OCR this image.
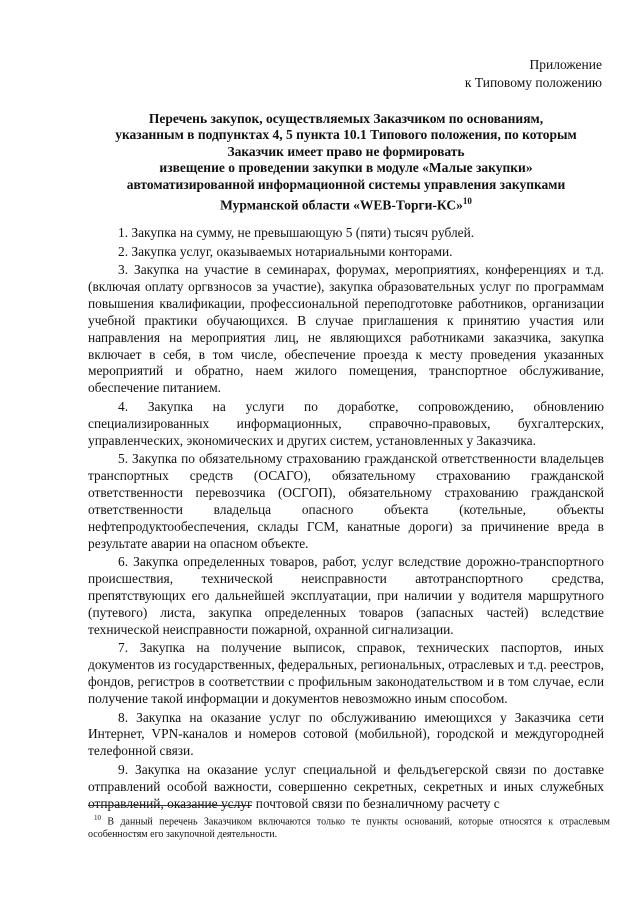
Приложение
к Типовому положению
Перечень закупок, осуществляемых Заказчиком по основаниям,
указанным в подпунктах 4, 5 пункта 10.1 Типового положения, по которым
Заказчик имеет право не формировать
извещение о проведении закупки в модуле «Малые закупки»
автоматизированной информационной системы управления закупками
Мурманской области «WEB-Торги-КС»$^{10}$

1. Закупка на сумму, не превышающую 5 (пяти) тысяч рублей.

2. Закупка услуг, оказываемых нотариальными конторами.

3. Закупка на участие в семинарах, форумах, мероприятиях, конференциях и т.д. (включая оплату оргвзносов за участие), закупка образовательных услуг по программам повышения квалификации, профессиональной переподготовке работников, организации учебной практики обучающихся. В случае приглашения к принятию участия или направления на мероприятия лиц, не являющихся работниками заказчика, закупка включает в себя, в том числе, обеспечение проезда к месту проведения указанных мероприятий и обратно, наем жилого помещения, транспортное обслуживание, обеспечение питанием.

4. Закупка на услуги по доработке, сопровождению, обновлению специализированных информационных, справочно-правовых, бухгалтерских, управленческих, экономических и других систем, установленных у Заказчика.

5. Закупка по обязательному страхованию гражданской ответственности владельцев транспортных средств (ОСАГО), обязательному страхованию гражданской ответственности перевозчика (ОСГОП), обязательному страхованию гражданской ответственности владельца опасного объекта (котельные, объекты нефтепродуктообеспечения, склады ГСМ, канатные дороги) за причинение вреда в результате аварии на опасном объекте.

6. Закупка определенных товаров, работ, услуг вследствие дорожно-транспортного происшествия, технической неисправности автотранспортного средства, препятствующих его дальнейшей эксплуатации, при наличии у водителя маршрутного (путевого) листа, закупка определенных товаров (запасных частей) вследствие технической неисправности пожарной, охранной сигнализации.

7. Закупка на получение выписок, справок, технических паспортов, иных документов из государственных, федеральных, региональных, отраслевых и т.д. реестров, фондов, регистров в соответствии с профильным законодательством и в том случае, если получение такой информации и документов невозможно иным способом.

8. Закупка на оказание услуг по обслуживанию имеющихся у Заказчика сети Интернет, VPN-каналов и номеров сотовой (мобильной), городской и междугородней телефонной связи.

9. Закупка на оказание услуг специальной и фельдъегерской связи по доставке отправлений особой важности, совершенно секретных, секретных и иных служебных отправлений, оказание услуг почтовой связи по безналичному расчету с

$^{10}$ В данный перечень Заказчиком включаются только те пункты оснований, которые относятся к отраслевым особенностям его закупочной деятельности.
